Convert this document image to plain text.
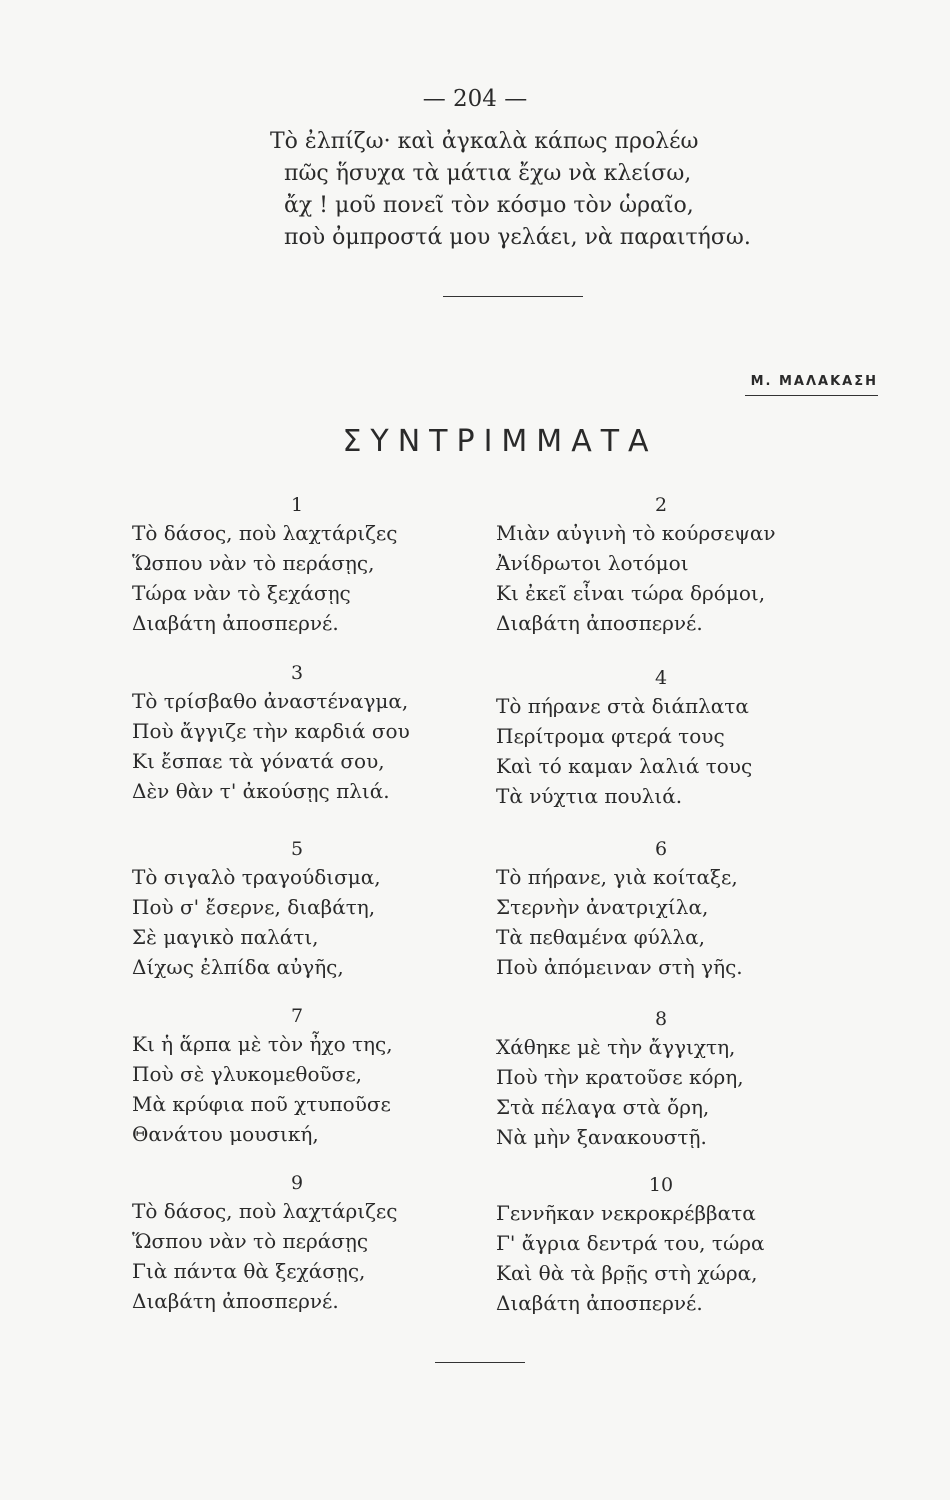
— 204 —
Τὸ ἐλπίζω· καὶ ἀγκαλὰ κάπως προλέω
πῶς ἥσυχα τὰ μάτια ἔχω νὰ κλείσω,
ἄχ ! μοῦ πονεῖ τὸν κόσμο τὸν ὡραῖο,
ποὺ ὀμπροστά μου γελάει, νὰ παραιτήσω.
Μ. ΜΑΛΑΚΑΣΗ
ΣΥΝΤΡΙΜΜΑΤΑ
1
Τὸ δάσος, ποὺ λαχτάριζες
Ὥσπου νὰν τὸ περάσῃς,
Τώρα νὰν τὸ ξεχάσῃς
Διαβάτη ἀποσπερνέ.
2
Μιὰν αὐγινὴ τὸ κούρσεψαν
Ἀνίδρωτοι λοτόμοι
Κι ἐκεῖ εἶναι τώρα δρόμοι,
Διαβάτη ἀποσπερνέ.
3
Τὸ τρίσβαθο ἀναστέναγμα,
Ποὺ ἄγγιζε τὴν καρδιά σου
Κι ἔσπαε τὰ γόνατά σου,
Δὲν θὰν τ' ἀκούσῃς πλιά.
4
Τὸ πήρανε στὰ διάπλατα
Περίτρομα φτερά τους
Καὶ τό καμαν λαλιά τους
Τὰ νύχτια πουλιά.
5
Τὸ σιγαλὸ τραγούδισμα,
Ποὺ σ' ἔσερνε, διαβάτη,
Σὲ μαγικὸ παλάτι,
Δίχως ἐλπίδα αὐγῆς,
6
Τὸ πήρανε, γιὰ κοίταξε,
Στερνὴν ἀνατριχίλα,
Τὰ πεθαμένα φύλλα,
Ποὺ ἀπόμειναν στὴ γῆς.
7
Κι ἡ ἅρπα μὲ τὸν ἦχο της,
Ποὺ σὲ γλυκομεθοῦσε,
Μὰ κρύφια ποῦ χτυποῦσε
Θανάτου μουσική,
8
Χάθηκε μὲ τὴν ἄγγιχτη,
Ποὺ τὴν κρατοῦσε κόρη,
Στὰ πέλαγα στὰ ὄρη,
Νὰ μὴν ξανακουστῇ.
9
Τὸ δάσος, ποὺ λαχτάριζες
Ὥσπου νὰν τὸ περάσῃς
Γιὰ πάντα θὰ ξεχάσῃς,
Διαβάτη ἀποσπερνέ.
10
Γεννῆκαν νεκροκρέββατα
Γ' ἄγρια δεντρά του, τώρα
Καὶ θὰ τὰ βρῇς στὴ χώρα,
Διαβάτη ἀποσπερνέ.
